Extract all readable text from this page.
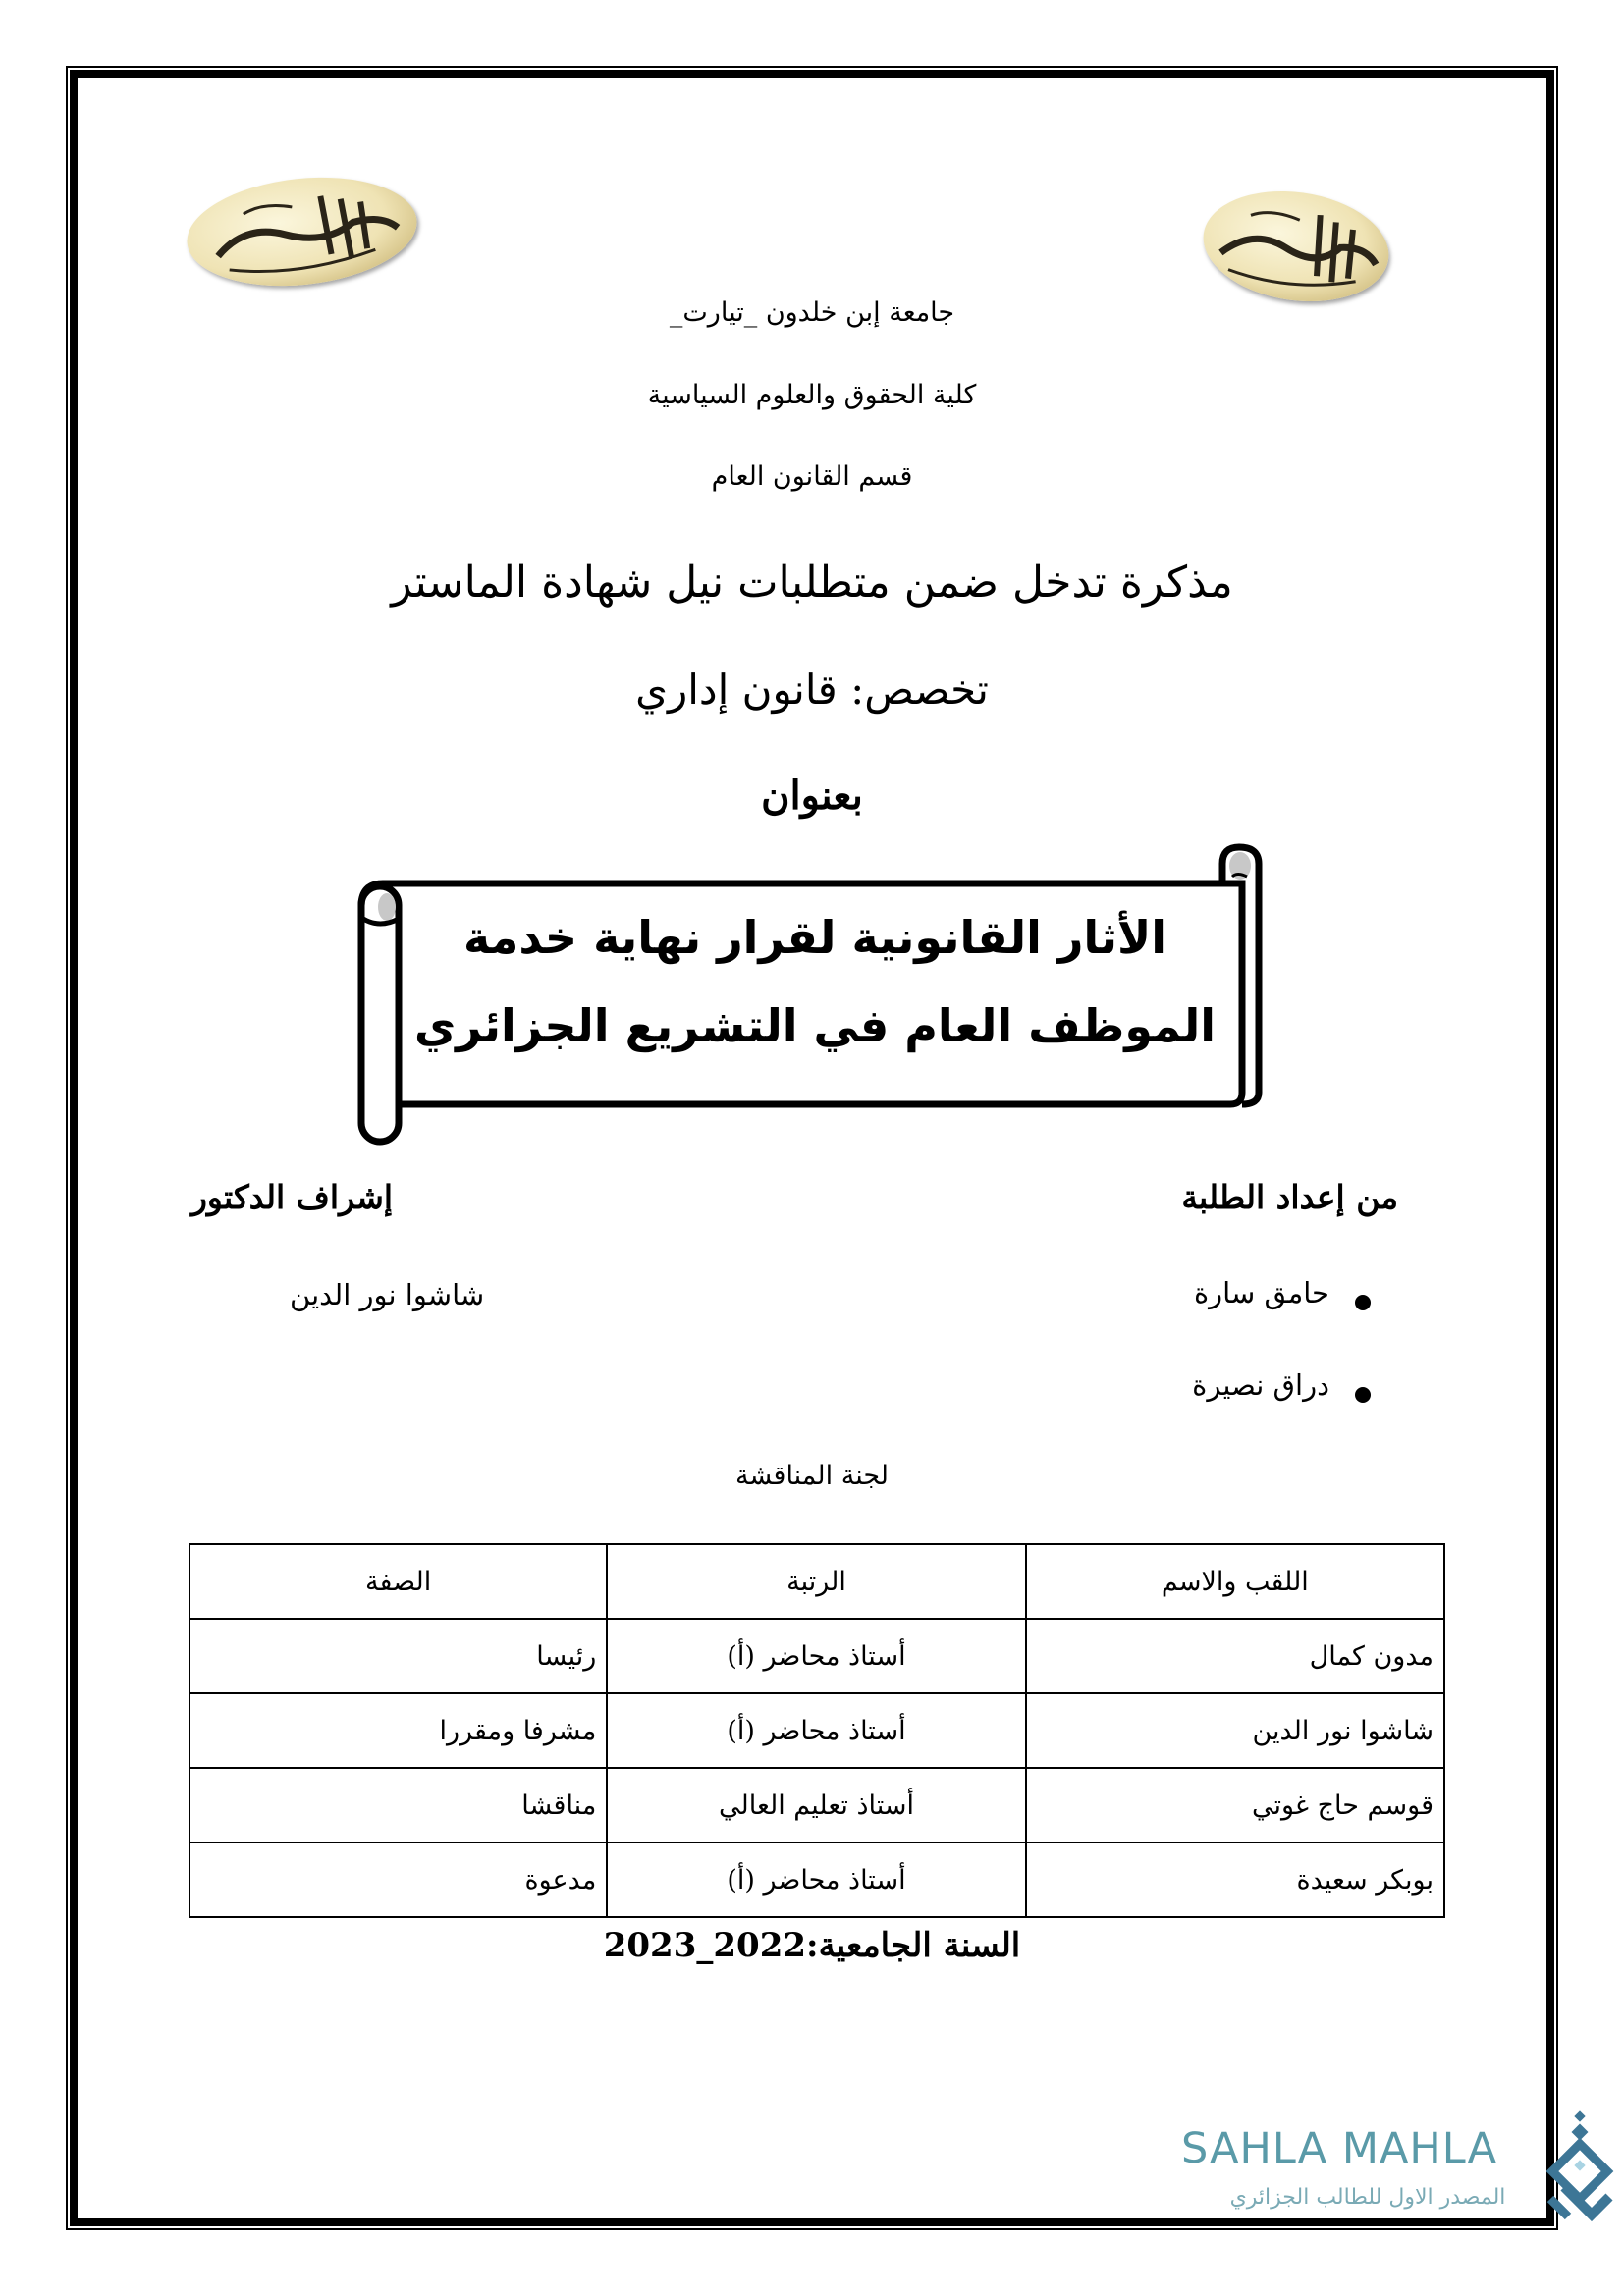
جامعة إبن خلدون _تيارت_
كلية الحقوق والعلوم السياسية
قسم القانون العام
مذكرة تدخل ضمن متطلبات نيل شهادة الماستر
تخصص: قانون إداري
بعنوان
الأثار القانونية لقرار نهاية خدمة
الموظف العام في التشريع الجزائري
من إعداد الطلبة
حامق سارة
دراق نصيرة
إشراف الدكتور
شاشوا نور الدين
لجنة المناقشة
اللقب والاسم	الرتبة	الصفة
مدون كمال	أستاذ محاضر (أ)	رئيسا
شاشوا نور الدين	أستاذ محاضر (أ)	مشرفا ومقررا
قوسم حاج غوتي	أستاذ تعليم العالي	مناقشا
بوبكر سعيدة	أستاذ محاضر (أ)	مدعوة
السنة الجامعية:2022_2023
SAHLA MAHLA
المصدر الاول للطالب الجزائري
